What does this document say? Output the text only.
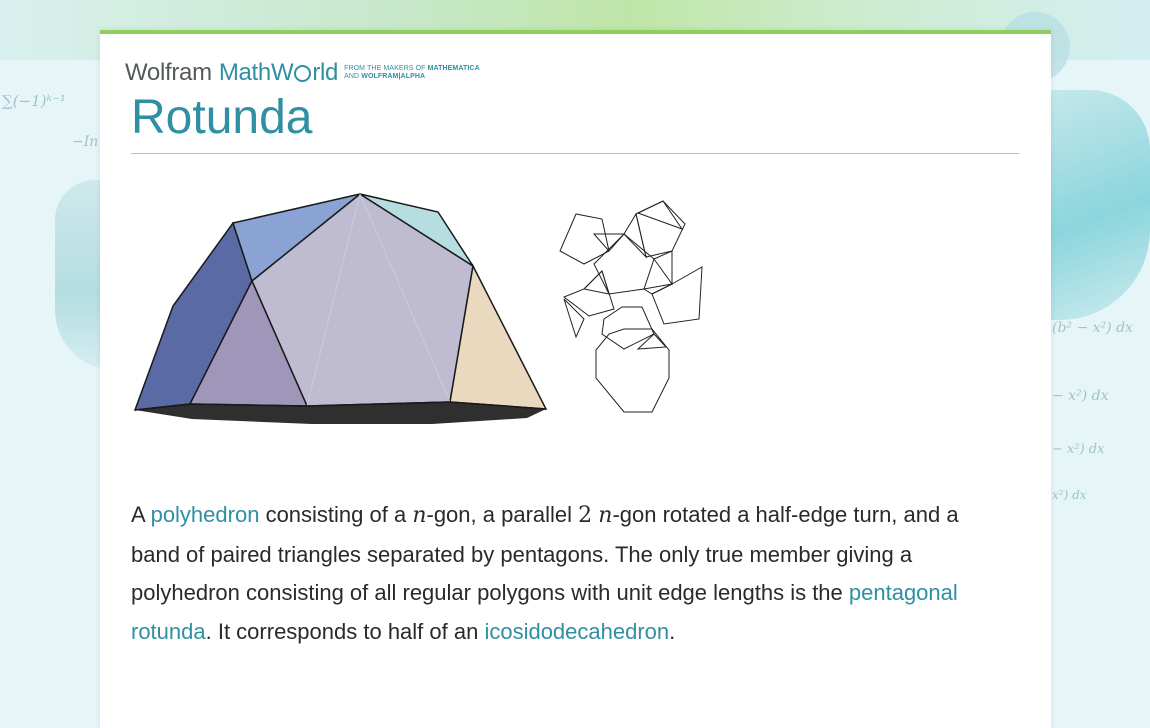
∑(−1)ᵏ⁻¹
−In
(b² − x²) dx
− x²) dx
− x²) dx
x²) dx
Wolfram MathW rld FROM THE MAKERS OF MATHEMATICA
AND WOLFRAM|ALPHA
Rotunda

A polyhedron consisting of a n-gon, a parallel 2 n-gon rotated a half-edge turn, and a band of paired triangles separated by pentagons. The only true member giving a polyhedron consisting of all regular polygons with unit edge lengths is the pentagonal rotunda. It corresponds to half of an icosidodecahedron.
